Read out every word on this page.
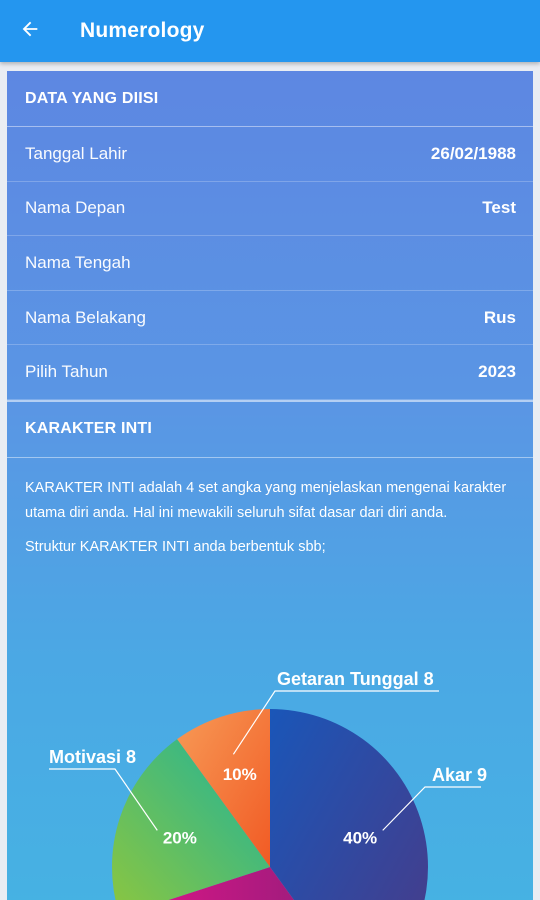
Numerology
DATA YANG DIISI
Tanggal Lahir	26/02/1988
Nama Depan	Test
Nama Tengah
Nama Belakang	Rus
Pilih Tahun	2023
KARAKTER INTI
KARAKTER INTI adalah 4 set angka yang menjelaskan mengenai karakter utama diri anda. Hal ini mewakili seluruh sifat dasar dari diri anda.
Struktur KARAKTER INTI anda berbentuk sbb;
40%
Akar 9
20%
Motivasi 8
10%
Getaran Tunggal 8
